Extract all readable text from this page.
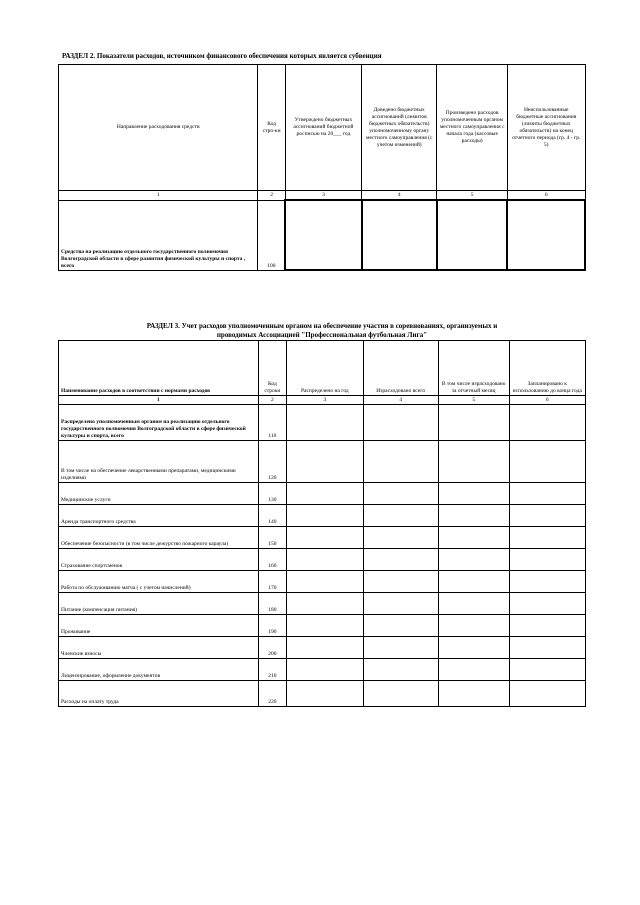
РАЗДЕЛ 2. Показатели расходов, источником финансового обеспечения которых является субвенция
Направление расходования средств	Код стро-ки	Утверждено бюджетных ассигнований бюджетной росписью на 20___ год	Доведено бюджетных ассигнований (лимитов бюджетных обязательств) уполномоченному органу местного самоуправления (с учетом изменений)	Произведено расходов уполномоченным органом местного самоуправления с начала года (кассовые расходы)	Неиспользованные бюджетные ассигнования (лимиты бюджетных обязательств) на конец отчетного периода (гр. 4 - гр. 5)
1	2	3	4	5	6
Средства на реализацию отдельного государственного полномочия Волгоградской области в сфере развития физической культуры и спорта , всего	100				
РАЗДЕЛ 3. Учет расходов уполномоченным органом на обеспечение участия в соревнованиях, организуемых и
проводимых Ассоциацией "Профессиональная футбольная Лига"
Наименование расходов в соответствии с нормами расходов	Код строки	Распределено на год	Израсходовано всего	В том числе израсходовано за отчетный месяц	Запланировано к использованию до конца года
1	2	3	4	5	6
Распределено уполномоченным органом на реализацию отдельного государственного полномочия Волгоградской области в сфере физической культуры и спорта, всего	110				
В том числе на обеспечение лекарственными препаратами, медицинскими изделиями	120				
Медицинские услуги	130				
Аренда транспортного средства	140				
Обеспечение безопасности (в том числе дежурство пожарного караула)	150				
Страхование спортсменов	160				
Работа по обслуживанию матча ( с учетом начислений)	170				
Питание (компенсация питания)	180				
Проживание	190				
Членские взносы	200				
Лицензирование, оформление документов	210				
Расходы на оплату труда	220				
